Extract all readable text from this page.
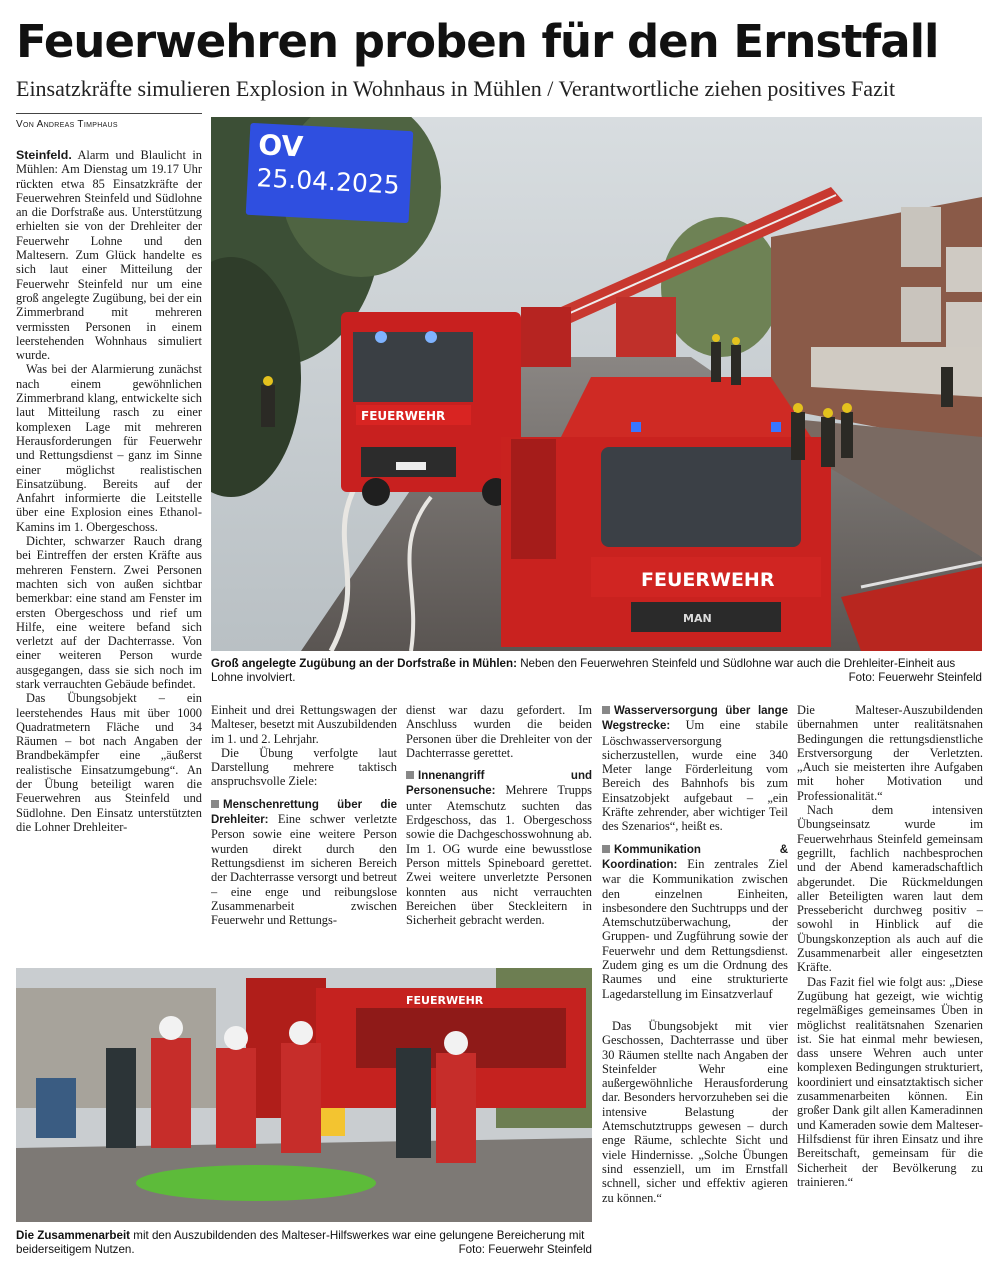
Feuerwehren proben für den Ernstfall
Einsatzkräfte simulieren Explosion in Wohnhaus in Mühlen / Verantwortliche ziehen positives Fazit
Von Andreas Timphaus
FEUERWEHR
FEUERWEHR
MAN
OV
25.04.2025
Foto: Feuerwehr Steinfeld
Groß angelegte Zugübung an der Dorfstraße in Mühlen: Neben den Feuerwehren Steinfeld und Südlohne war auch die Drehleiter-Einheit aus Lohne involviert.
FEUERWEHR
Foto: Feuerwehr Steinfeld
Die Zusammenarbeit mit den Auszubildenden des Malteser-Hilfswerkes war eine gelungene Bereicherung mit beiderseitigem Nutzen.

Steinfeld. Alarm und Blaulicht in Mühlen: Am Dienstag um 19.17 Uhr rückten etwa 85 Einsatzkräfte der Feuerwehren Steinfeld und Südlohne an die Dorfstraße aus. Unterstützung erhielten sie von der Drehleiter der Feuerwehr Lohne und den Maltesern. Zum Glück handelte es sich laut einer Mitteilung der Feuerwehr Steinfeld nur um eine groß angelegte Zugübung, bei der ein Zimmerbrand mit mehreren vermissten Personen in einem leerstehenden Wohnhaus simuliert wurde.

Was bei der Alarmierung zunächst nach einem gewöhnlichen Zimmerbrand klang, entwickelte sich laut Mitteilung rasch zu einer komplexen Lage mit mehreren Herausforderungen für Feuerwehr und Rettungsdienst – ganz im Sinne einer möglichst realistischen Einsatzübung. Bereits auf der Anfahrt informierte die Leitstelle über eine Explosion eines Ethanol-Kamins im 1. Obergeschoss.

Dichter, schwarzer Rauch drang bei Eintreffen der ersten Kräfte aus mehreren Fenstern. Zwei Personen machten sich von außen sichtbar bemerkbar: eine stand am Fenster im ersten Obergeschoss und rief um Hilfe, eine weitere befand sich verletzt auf der Dachterrasse. Von einer weiteren Person wurde ausgegangen, dass sie sich noch im stark verrauchten Gebäude befindet.

Das Übungsobjekt – ein leerstehendes Haus mit über 1000 Quadratmetern Fläche und 34 Räumen – bot nach Angaben der Brandbekämpfer eine „äußerst realistische Einsatzumgebung“. An der Übung beteiligt waren die Feuerwehren aus Steinfeld und Südlohne. Den Einsatz unterstützten die Lohner Drehleiter-

Einheit und drei Rettungswagen der Malteser, besetzt mit Auszubildenden im 1. und 2. Lehrjahr.

Die Übung verfolgte laut Darstellung mehrere taktisch anspruchsvolle Ziele:

Menschenrettung über die Drehleiter: Eine schwer verletzte Person sowie eine weitere Person wurden direkt durch den Rettungsdienst im sicheren Bereich der Dachterrasse versorgt und betreut – eine enge und reibungslose Zusammenarbeit zwischen Feuerwehr und Rettungs-

dienst war dazu gefordert. Im Anschluss wurden die beiden Personen über die Drehleiter von der Dachterrasse gerettet.

Innenangriff und Personensuche: Mehrere Trupps unter Atemschutz suchten das Erdgeschoss, das 1. Obergeschoss sowie die Dachgeschosswohnung ab. Im 1. OG wurde eine bewusstlose Person mittels Spineboard gerettet. Zwei weitere unverletzte Personen konnten aus nicht verrauchten Bereichen über Steckleitern in Sicherheit gebracht werden.

Wasserversorgung über lange Wegstrecke: Um eine stabile Löschwasserversorgung sicherzustellen, wurde eine 340 Meter lange Förderleitung vom Bereich des Bahnhofs bis zum Einsatzobjekt aufgebaut – „ein Kräfte zehrender, aber wichtiger Teil des Szenarios“, heißt es.

Kommunikation & Koordination: Ein zentrales Ziel war die Kommunikation zwischen den einzelnen Einheiten, insbesondere den Suchtrupps und der Atemschutzüberwachung, der Gruppen- und Zugführung sowie der Feuerwehr und dem Rettungsdienst. Zudem ging es um die Ordnung des Raumes und eine strukturierte Lagedarstellung im Einsatzverlauf

Das Übungsobjekt mit vier Geschossen, Dachterrasse und über 30 Räumen stellte nach Angaben der Steinfelder Wehr eine außergewöhnliche Herausforderung dar. Besonders hervorzuheben sei die intensive Belastung der Atemschutztrupps gewesen – durch enge Räume, schlechte Sicht und viele Hindernisse. „Solche Übungen sind essenziell, um im Ernstfall schnell, sicher und effektiv agieren zu können.“

Die Malteser-Auszubildenden übernahmen unter realitätsnahen Bedingungen die rettungsdienstliche Erstversorgung der Verletzten. „Auch sie meisterten ihre Aufgaben mit hoher Motivation und Professionalität.“

Nach dem intensiven Übungseinsatz wurde im Feuerwehrhaus Steinfeld gemeinsam gegrillt, fachlich nachbesprochen und der Abend kameradschaftlich abgerundet. Die Rückmeldungen aller Beteiligten waren laut dem Pressebericht durchweg positiv – sowohl in Hinblick auf die Übungskonzeption als auch auf die Zusammenarbeit aller eingesetzten Kräfte.

Das Fazit fiel wie folgt aus: „Diese Zugübung hat gezeigt, wie wichtig regelmäßiges gemeinsames Üben in möglichst realitätsnahen Szenarien ist. Sie hat einmal mehr bewiesen, dass unsere Wehren auch unter komplexen Bedingungen strukturiert, koordiniert und einsatztaktisch sicher zusammenarbeiten können. Ein großer Dank gilt allen Kameradinnen und Kameraden sowie dem Malteser-Hilfsdienst für ihren Einsatz und ihre Bereitschaft, gemeinsam für die Sicherheit der Bevölkerung zu trainieren.“
